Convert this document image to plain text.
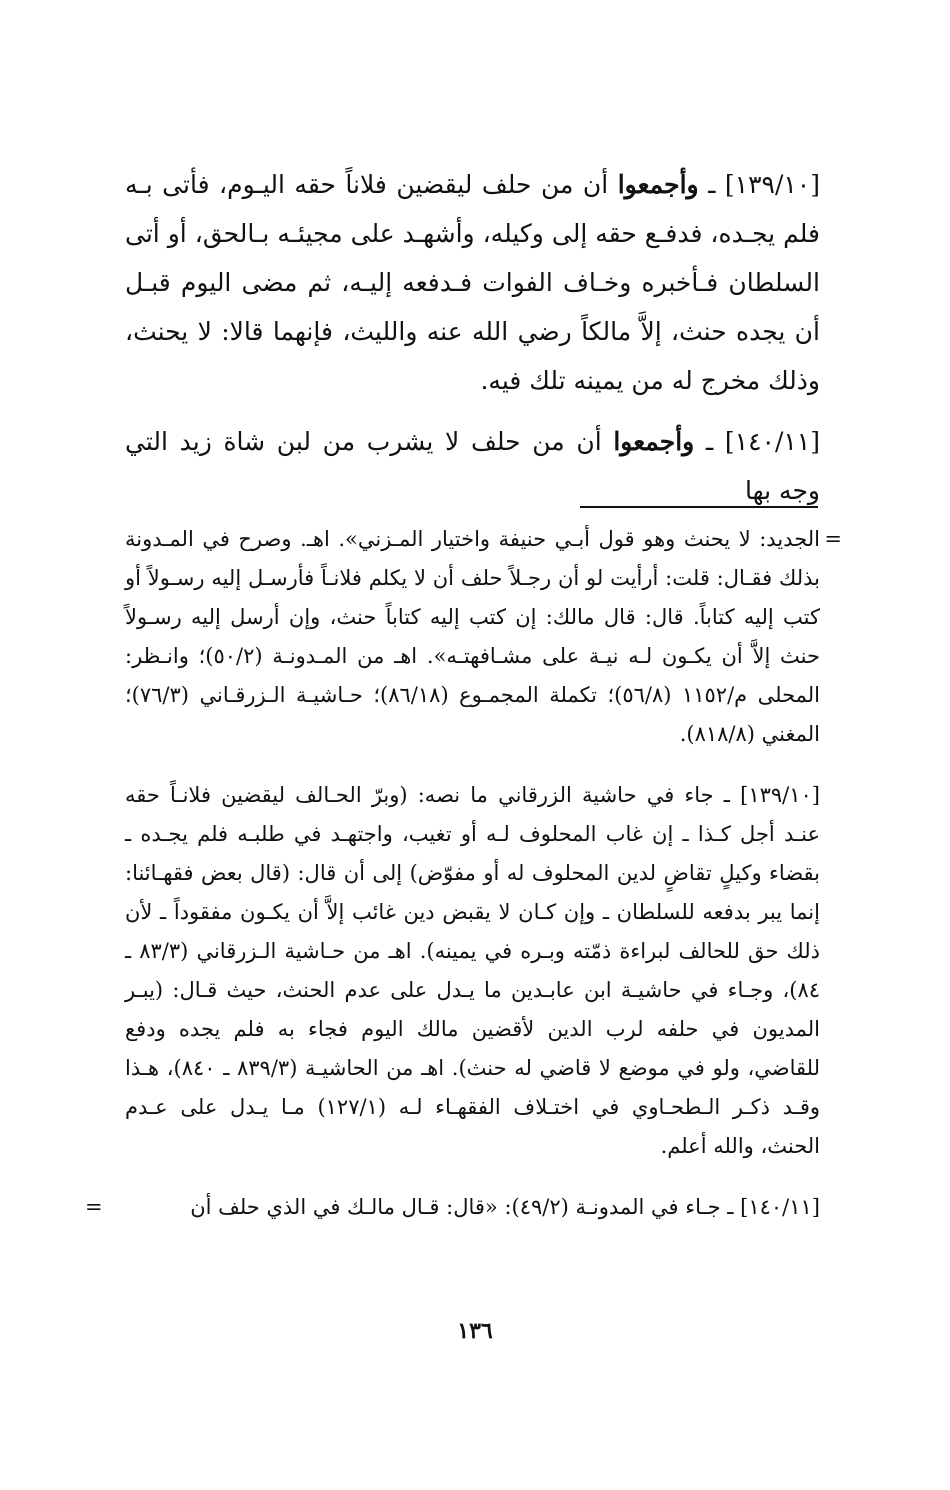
[١٣٩/١٠] ـ وأجمعوا أن من حلف ليقضين فلاناً حقه اليـوم، فأتى بـه فلم يجـده، فدفـع حقه إلى وكيله، وأشهـد على مجيئـه بـالحق، أو أتى السلطان فـأخبره وخـاف الفوات فـدفعه إليـه، ثم مضى اليوم قبـل أن يجده حنث، إلاَّ مالكاً رضي الله عنه والليث، فإنهما قالا: لا يحنث، وذلك مخرج له من يمينه تلك فيه.

[١٤٠/١١] ـ وأجمعوا أن من حلف لا يشرب من لبن شاة زيد التي وجه بها

=
الجديد: لا يحنث وهو قول أبـي حنيفة واختيار المـزني». اهـ. وصرح في المـدونة بذلك فقـال: قلت: أرأيت لو أن رجـلاً حلف أن لا يكلم فلانـاً فأرسـل إليه رسـولاً أو كتب إليه كتاباً. قال: قال مالك: إن كتب إليه كتاباً حنث، وإن أرسل إليه رسـولاً حنث إلاَّ أن يكـون لـه نيـة على مشـافهتـه». اهـ من المـدونـة (٥٠/٢)؛ وانـظر: المحلى م/١١٥٢ (٥٦/٨)؛ تكملة المجمـوع (٨٦/١٨)؛ حـاشيـة الـزرقـاني (٧٦/٣)؛ المغني (٨١٨/٨).

[١٣٩/١٠] ـ جاء في حاشية الزرقاني ما نصه: (وبرّ الحـالف ليقضين فلانـاً حقه عنـد أجل كـذا ـ إن غاب المحلوف لـه أو تغيب، واجتهـد في طلبـه فلم يجـده ـ بقضاء وكيلٍ تقاضٍ لدين المحلوف له أو مفوّض) إلى أن قال: (قال بعض فقهـائنا: إنما يبر بدفعه للسلطان ـ وإن كـان لا يقبض دين غائب إلاَّ أن يكـون مفقوداً ـ لأن ذلك حق للحالف لبراءة ذمّته وبـره في يمينه). اهـ من حـاشية الـزرقاني (٨٣/٣ ـ ٨٤)، وجـاء في حاشيـة ابن عابـدين ما يـدل على عدم الحنث، حيث قـال: (يبـر المديون في حلفه لرب الدين لأقضين مالك اليوم فجاء به فلم يجده ودفع للقاضي، ولو في موضع لا قاضي له حنث). اهـ من الحاشيـة (٨٣٩/٣ ـ ٨٤٠)، هـذا وقـد ذكـر الـطحـاوي في اختـلاف الفقهـاء لـه (١٢٧/١) مـا يـدل على عـدم الحنث، والله أعلم.

[١٤٠/١١] ـ جـاء في المدونـة (٤٩/٢): «قال: قـال مالـك في الذي حلف أن
=

١٣٦
